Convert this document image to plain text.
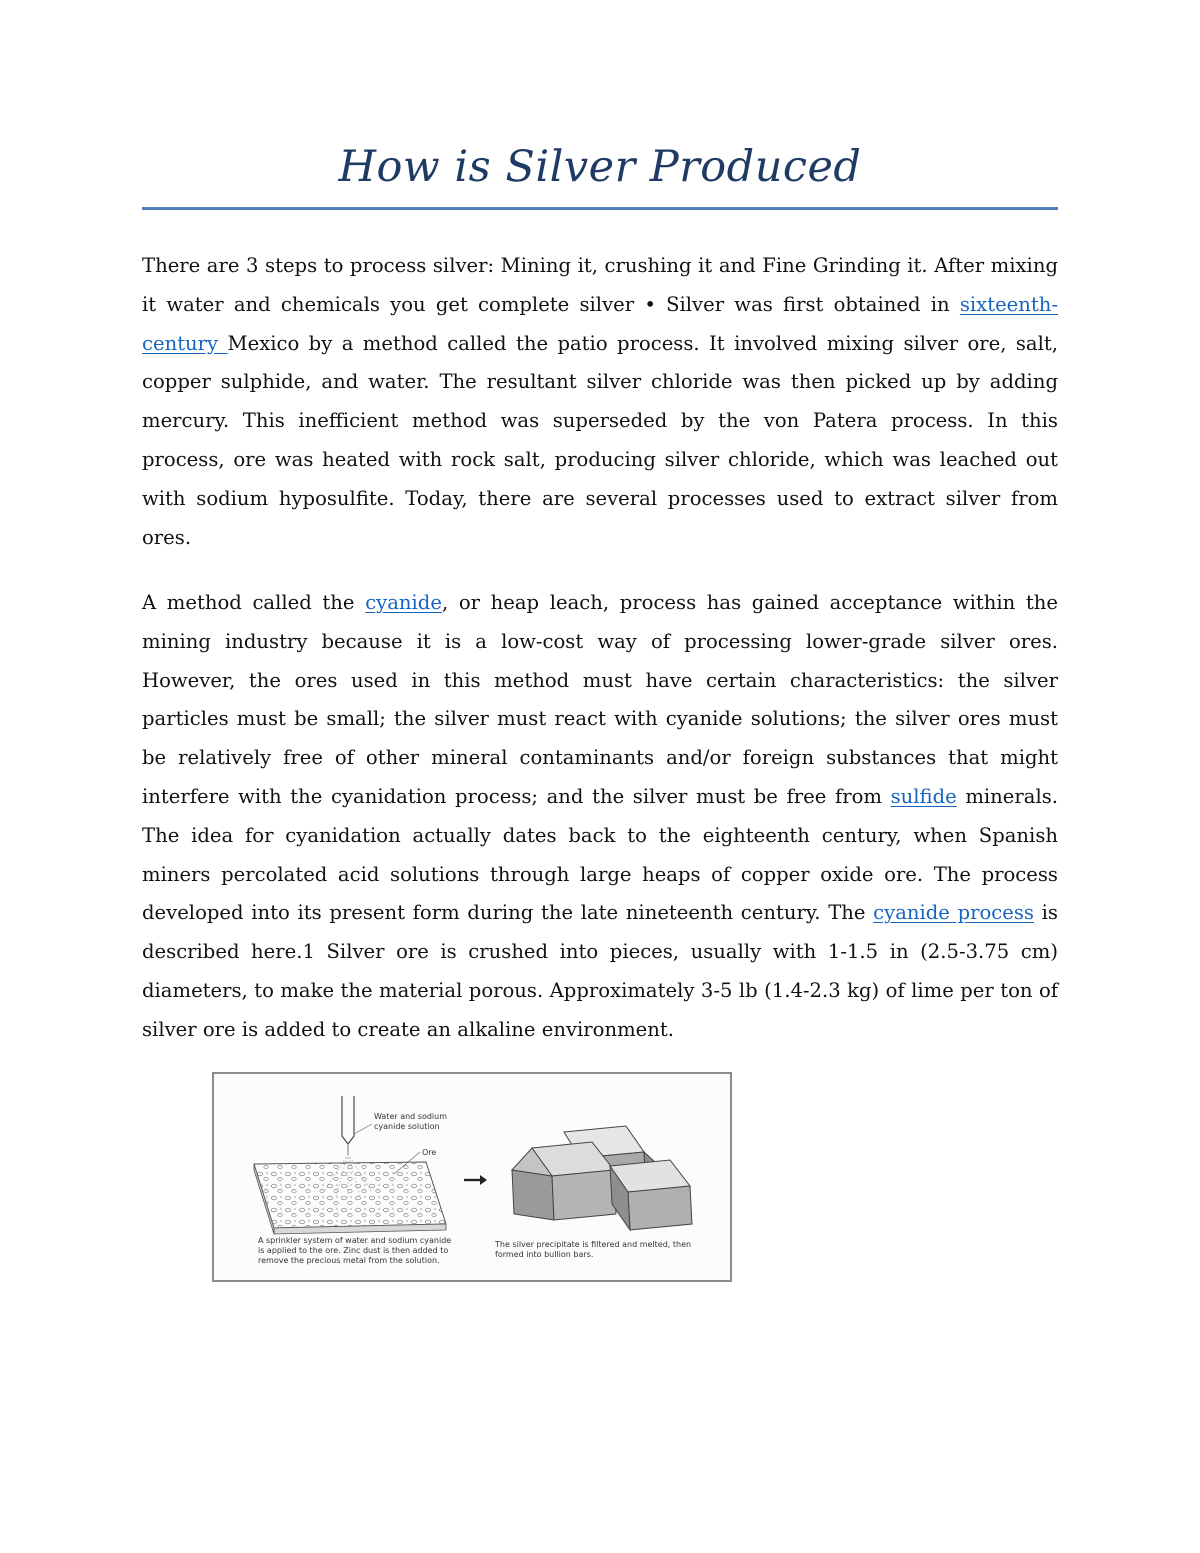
How is Silver Produced

There are 3 steps to process silver: Mining it, crushing it and Fine Grinding it. After mixing it water and chemicals you get complete silver • Silver was first obtained in sixteenth-century Mexico by a method called the patio process. It involved mixing silver ore, salt, copper sulphide, and water. The resultant silver chloride was then picked up by adding mercury. This inefficient method was superseded by the von Patera process. In this process, ore was heated with rock salt, producing silver chloride, which was leached out with sodium hyposulfite. Today, there are several processes used to extract silver from ores.

A method called the cyanide, or heap leach, process has gained acceptance within the mining industry because it is a low-cost way of processing lower-grade silver ores. However, the ores used in this method must have certain characteristics: the silver particles must be small; the silver must react with cyanide solutions; the silver ores must be relatively free of other mineral contaminants and/or foreign substances that might interfere with the cyanidation process; and the silver must be free from sulfide minerals. The idea for cyanidation actually dates back to the eighteenth century, when Spanish miners percolated acid solutions through large heaps of copper oxide ore. The process developed into its present form during the late nineteenth century. The cyanide process is described here.1 Silver ore is crushed into pieces, usually with 1-1.5 in (2.5-3.75 cm) diameters, to make the material porous. Approximately 3-5 lb (1.4-2.3 kg) of lime per ton of silver ore is added to create an alkaline environment.

Water and sodium
cyanide solution
Ore
A sprinkler system of water and sodium cyanide is applied to the ore. Zinc dust is then added to remove the precious metal from the solution.
The silver precipitate is filtered and melted, then formed into bullion bars.
